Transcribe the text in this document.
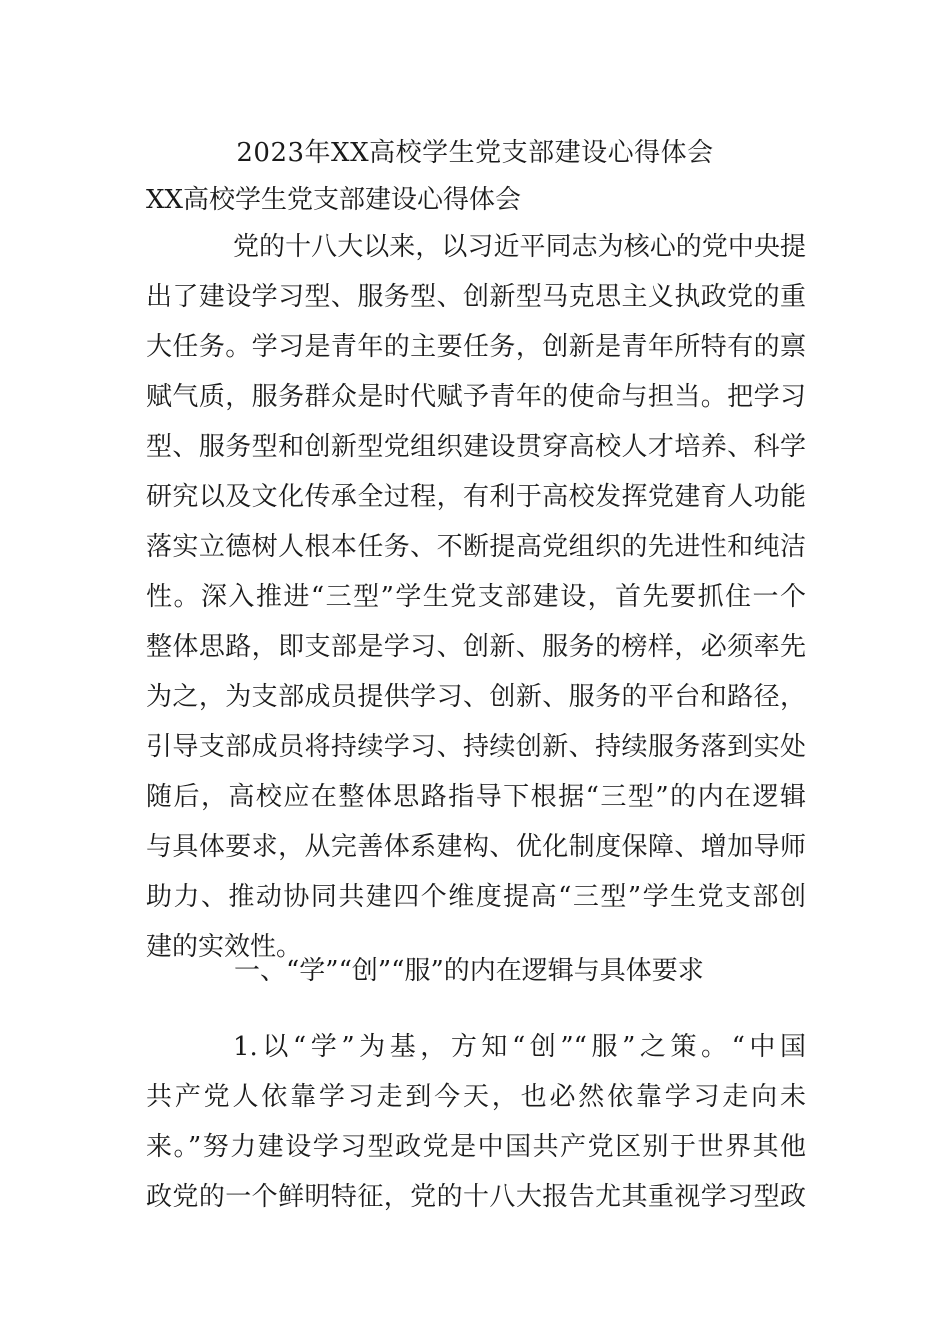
2023年XX高校学生党支部建设心得体会
XX高校学生党支部建设心得体会
党的十八大以来，以习近平同志为核心的党中央提
出了建设学习型、服务型、创新型马克思主义执政党的重
大任务。学习是青年的主要任务，创新是青年所特有的禀
赋气质，服务群众是时代赋予青年的使命与担当。把学习
型、服务型和创新型党组织建设贯穿高校人才培养、科学
研究以及文化传承全过程，有利于高校发挥党建育人功能
落实立德树人根本任务、不断提高党组织的先进性和纯洁
性。深入推进“三型”学生党支部建设，首先要抓住一个
整体思路，即支部是学习、创新、服务的榜样，必须率先
为之，为支部成员提供学习、创新、服务的平台和路径，
引导支部成员将持续学习、持续创新、持续服务落到实处
随后，高校应在整体思路指导下根据“三型”的内在逻辑
与具体要求，从完善体系建构、优化制度保障、增加导师
助力、推动协同共建四个维度提高“三型”学生党支部创
建的实效性。
一、“学”“创”“服”的内在逻辑与具体要求
1.以“学”为基，方知“创”“服”之策。“中国
共产党人依靠学习走到今天，也必然依靠学习走向未
来。”努力建设学习型政党是中国共产党区别于世界其他
政党的一个鲜明特征，党的十八大报告尤其重视学习型政
